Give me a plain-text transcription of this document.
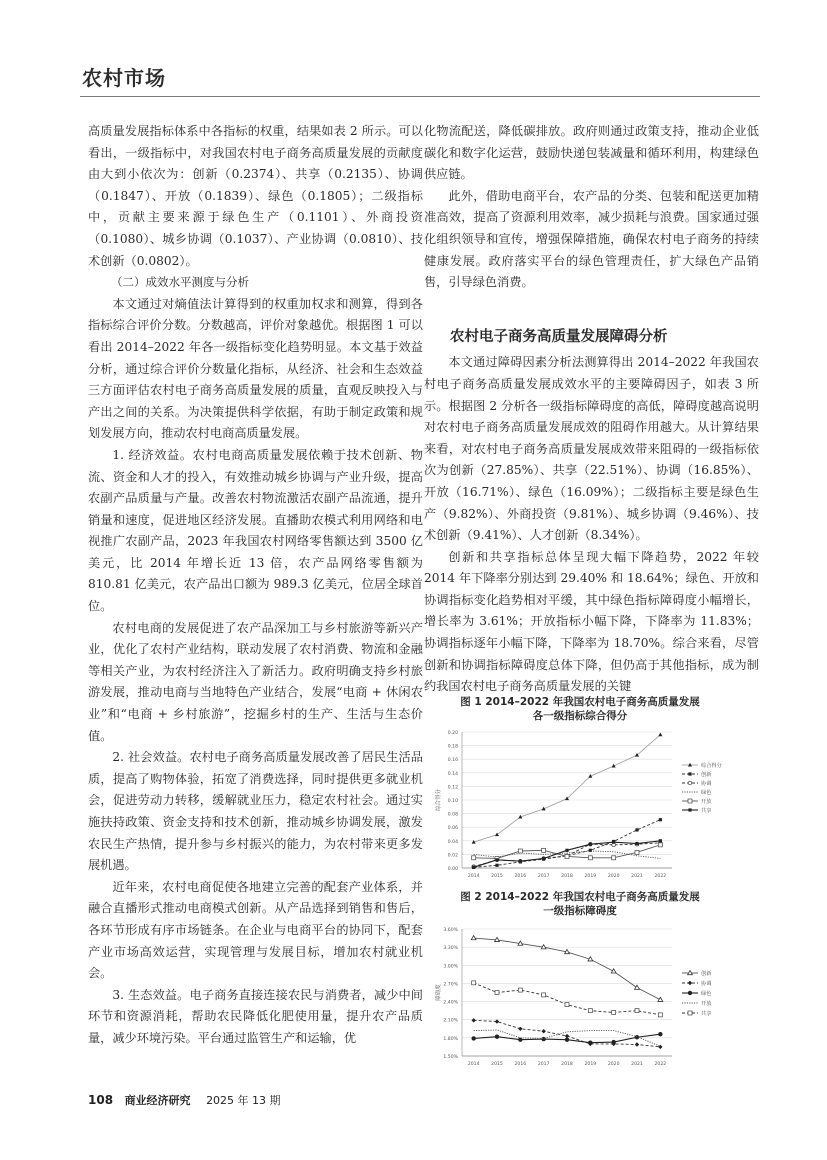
农村市场

高质量发展指标体系中各指标的权重，结果如表 2 所示。可以看出，一级指标中，对我国农村电子商务高质量发展的贡献度由大到小依次为：创新（0.2374）、共享（0.2135）、协调（0.1847）、开放（0.1839）、绿色（0.1805）；二级指标中，贡献主要来源于绿色生产（0.1101）、外商投资（0.1080）、城乡协调（0.1037）、产业协调（0.0810）、技术创新（0.0802）。

（二）成效水平测度与分析

本文通过对熵值法计算得到的权重加权求和测算，得到各指标综合评价分数。分数越高，评价对象越优。根据图 1 可以看出 2014–2022 年各一级指标变化趋势明显。本文基于效益分析，通过综合评价分数量化指标，从经济、社会和生态效益三方面评估农村电子商务高质量发展的质量，直观反映投入与产出之间的关系。为决策提供科学依据，有助于制定政策和规划发展方向，推动农村电商高质量发展。

1. 经济效益。农村电商高质量发展依赖于技术创新、物流、资金和人才的投入，有效推动城乡协调与产业升级，提高农副产品质量与产量。改善农村物流激活农副产品流通，提升销量和速度，促进地区经济发展。直播助农模式利用网络和电视推广农副产品，2023 年我国农村网络零售额达到 3500 亿美元，比 2014 年增长近 13 倍，农产品网络零售额为 810.81 亿美元，农产品出口额为 989.3 亿美元，位居全球首位。

农村电商的发展促进了农产品深加工与乡村旅游等新兴产业，优化了农村产业结构，联动发展了农村消费、物流和金融等相关产业，为农村经济注入了新活力。政府明确支持乡村旅游发展，推动电商与当地特色产业结合，发展“电商 + 休闲农业”和“电商 + 乡村旅游”，挖掘乡村的生产、生活与生态价值。

2. 社会效益。农村电子商务高质量发展改善了居民生活品质，提高了购物体验，拓宽了消费选择，同时提供更多就业机会，促进劳动力转移，缓解就业压力，稳定农村社会。通过实施扶持政策、资金支持和技术创新，推动城乡协调发展，激发农民生产热情，提升参与乡村振兴的能力，为农村带来更多发展机遇。

近年来，农村电商促使各地建立完善的配套产业体系，并融合直播形式推动电商模式创新。从产品选择到销售和售后，各环节形成有序市场链条。在企业与电商平台的协同下，配套产业市场高效运营，实现管理与发展目标，增加农村就业机会。

3. 生态效益。电子商务直接连接农民与消费者，减少中间环节和资源消耗，帮助农民降低化肥使用量，提升农产品质量，减少环境污染。平台通过监管生产和运输，优

化物流配送，降低碳排放。政府则通过政策支持，推动企业低碳化和数字化运营，鼓励快递包装减量和循环利用，构建绿色供应链。

此外，借助电商平台，农产品的分类、包装和配送更加精准高效，提高了资源利用效率，减少损耗与浪费。国家通过强化组织领导和宣传，增强保障措施，确保农村电子商务的持续健康发展。政府落实平台的绿色管理责任，扩大绿色产品销售，引导绿色消费。

农村电子商务高质量发展障碍分析

本文通过障碍因素分析法测算得出 2014–2022 年我国农村电子商务高质量发展成效水平的主要障碍因子，如表 3 所示。根据图 2 分析各一级指标障碍度的高低，障碍度越高说明对农村电子商务高质量发展成效的阻碍作用越大。从计算结果来看，对农村电子商务高质量发展成效带来阻碍的一级指标依次为创新（27.85%）、共享（22.51%）、协调（16.85%）、开放（16.71%）、绿色（16.09%）；二级指标主要是绿色生产（9.82%）、外商投资（9.81%）、城乡协调（9.46%）、技术创新（9.41%）、人才创新（8.34%）。

创新和共享指标总体呈现大幅下降趋势，2022 年较 2014 年下降率分别达到 29.40% 和 18.64%；绿色、开放和协调指标变化趋势相对平缓，其中绿色指标障碍度小幅增长，增长率为 3.61%；开放指标小幅下降，下降率为 11.83%；协调指标逐年小幅下降，下降率为 18.70%。综合来看，尽管创新和协调指标障碍度总体下降，但仍高于其他指标，成为制约我国农村电子商务高质量发展的关键

图 1 2014–2022 年我国农村电子商务高质量发展
各一级指标综合得分
0.00
0.02
0.04
0.06
0.08
0.10
0.12
0.14
0.16
0.18
0.20
2014	2015	2016	2017	2018	2019	2020	2021	2022
综合得分
综合得分
创新
协调
绿色
开放
共享
图 2 2014–2022 年我国农村电子商务高质量发展
一级指标障碍度
1.50%
1.80%
2.10%
2.40%
2.70%
3.00%
3.30%
3.60%
2014	2015	2016	2017	2018	2019	2020	2021	2022
障碍度
创新
协调
绿色
开放
共享
108 商业经济研究 2025 年 13 期
